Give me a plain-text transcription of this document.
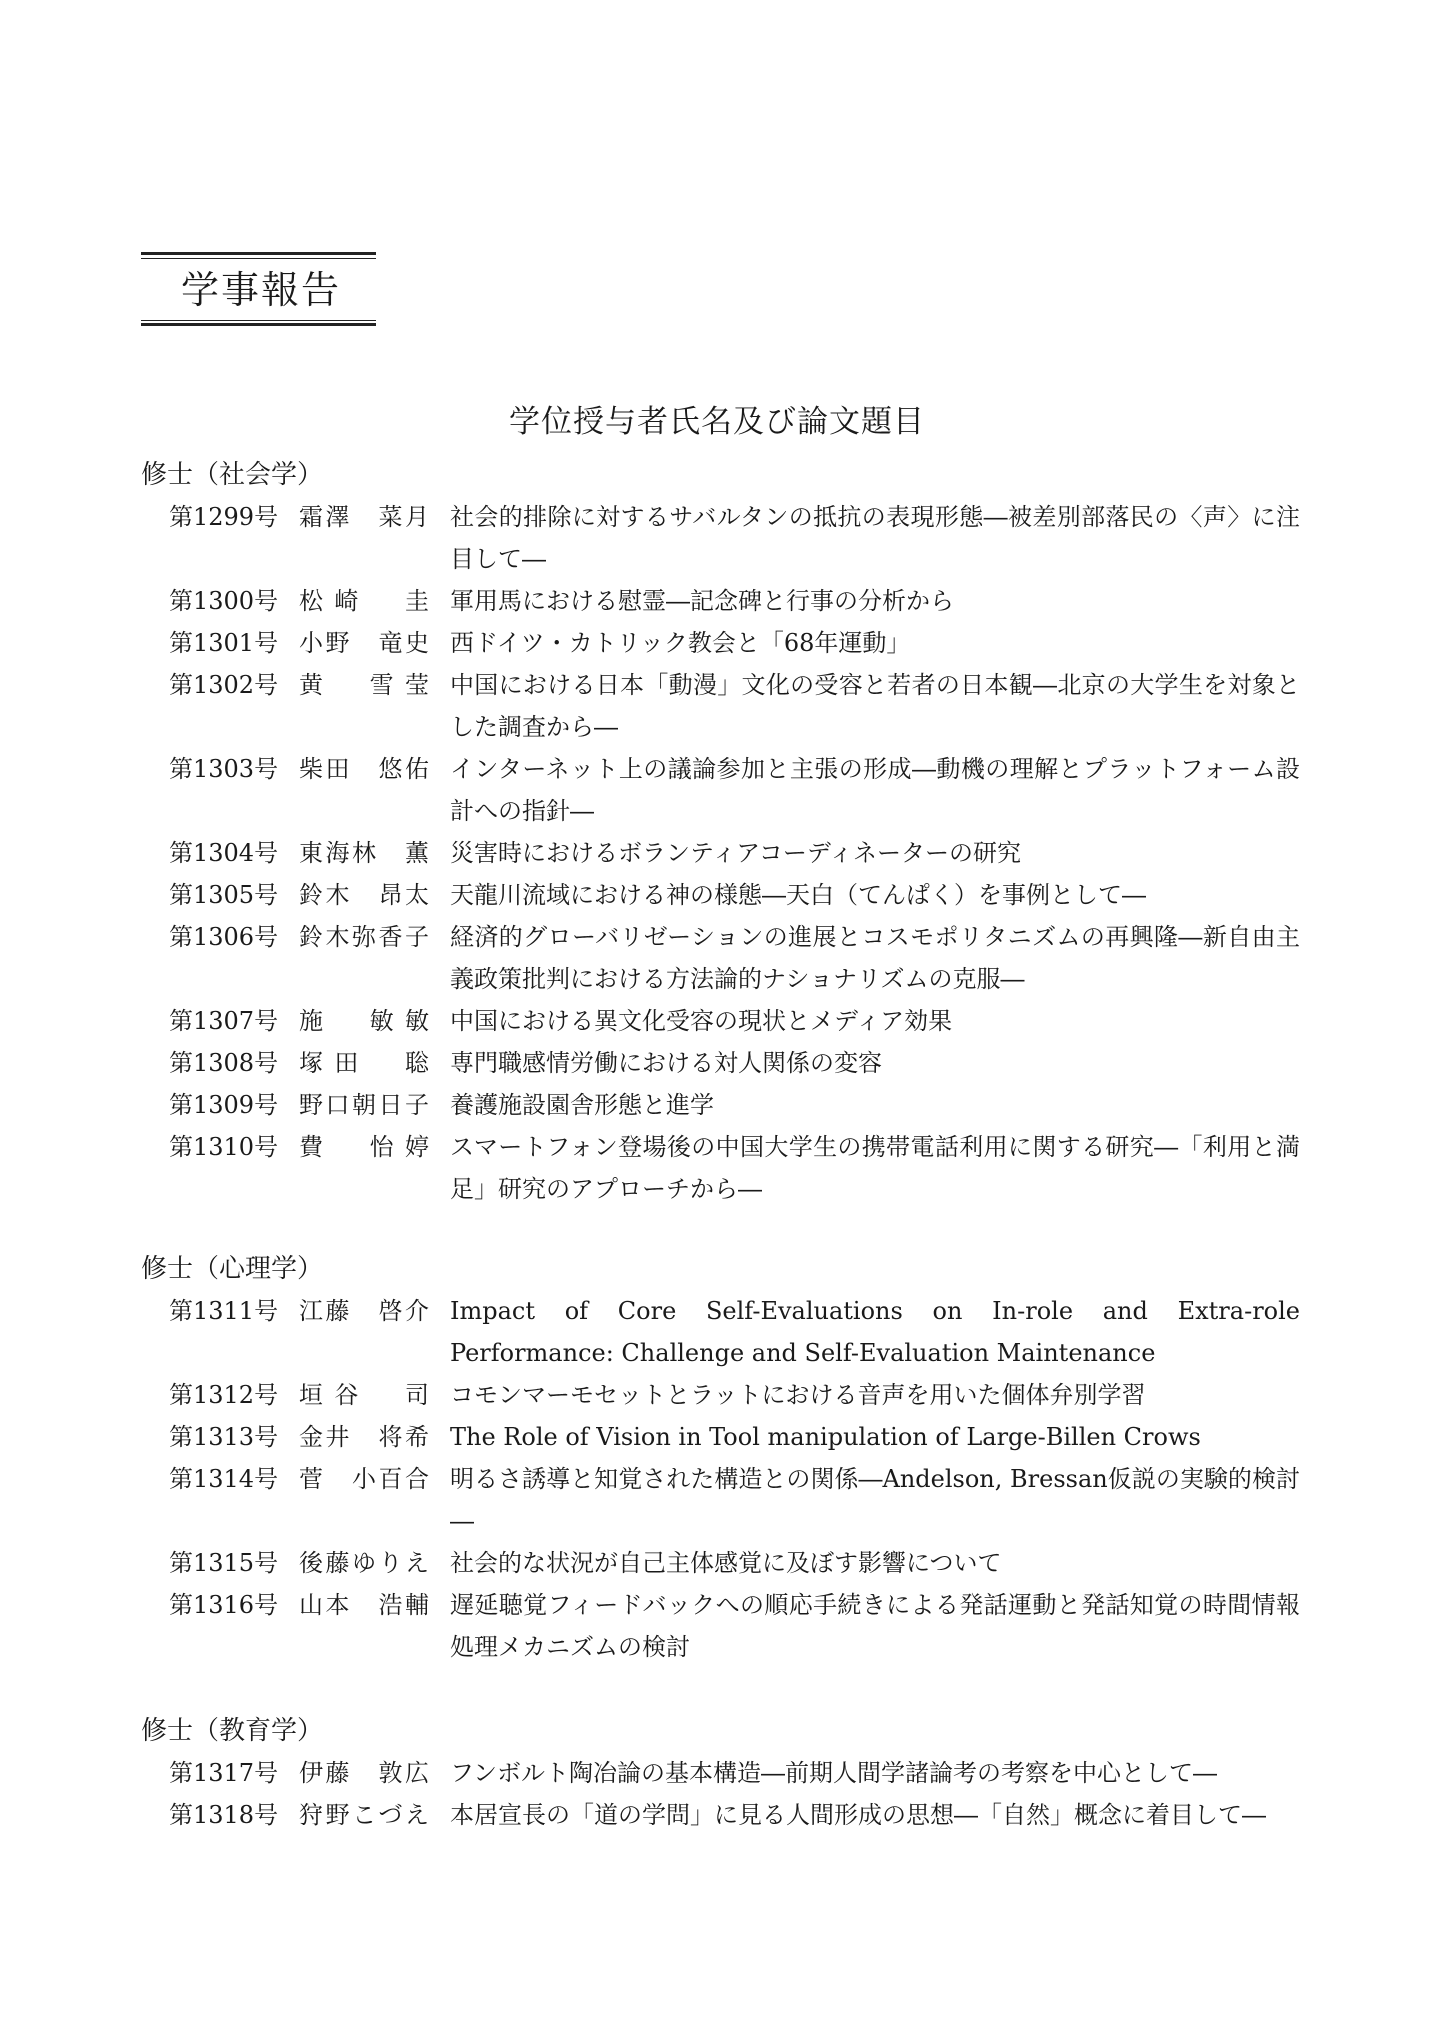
学事報告
学位授与者氏名及び論文題目
修士（社会学）
第1299号 霜澤　菜月 社会的排除に対するサバルタンの抵抗の表現形態―被差別部落民の〈声〉に注目して―
第1300号 松崎　圭 軍用馬における慰霊―記念碑と行事の分析から
第1301号 小野　竜史 西ドイツ・カトリック教会と「68年運動」
第1302号 黄　雪莹 中国における日本「動漫」文化の受容と若者の日本観―北京の大学生を対象とした調査から―
第1303号 柴田　悠佑 インターネット上の議論参加と主張の形成―動機の理解とプラットフォーム設計への指針―
第1304号 東海林　薫 災害時におけるボランティアコーディネーターの研究
第1305号 鈴木　昂太 天龍川流域における神の様態―天白（てんぱく）を事例として―
第1306号 鈴木弥香子 経済的グローバリゼーションの進展とコスモポリタニズムの再興隆―新自由主義政策批判における方法論的ナショナリズムの克服―
第1307号 施　敏敏 中国における異文化受容の現状とメディア効果
第1308号 塚田　聡 専門職感情労働における対人関係の変容
第1309号 野口朝日子 養護施設園舎形態と進学
第1310号 費　怡婷 スマートフォン登場後の中国大学生の携帯電話利用に関する研究―「利用と満足」研究のアプローチから―
修士（心理学）
第1311号 江藤　啓介 Impact of Core Self-Evaluations on In-role and Extra-role Performance: Challenge and Self-Evaluation Maintenance
第1312号 垣谷　司 コモンマーモセットとラットにおける音声を用いた個体弁別学習
第1313号 金井　将希 The Role of Vision in Tool manipulation of Large-Billen Crows
第1314号 菅　小百合 明るさ誘導と知覚された構造との関係―Andelson, Bressan仮説の実験的検討―
第1315号 後藤ゆりえ 社会的な状況が自己主体感覚に及ぼす影響について
第1316号 山本　浩輔 遅延聴覚フィードバックへの順応手続きによる発話運動と発話知覚の時間情報処理メカニズムの検討
修士（教育学）
第1317号 伊藤　敦広 フンボルト陶冶論の基本構造―前期人間学諸論考の考察を中心として―
第1318号 狩野こづえ 本居宣長の「道の学問」に見る人間形成の思想―「自然」概念に着目して―
